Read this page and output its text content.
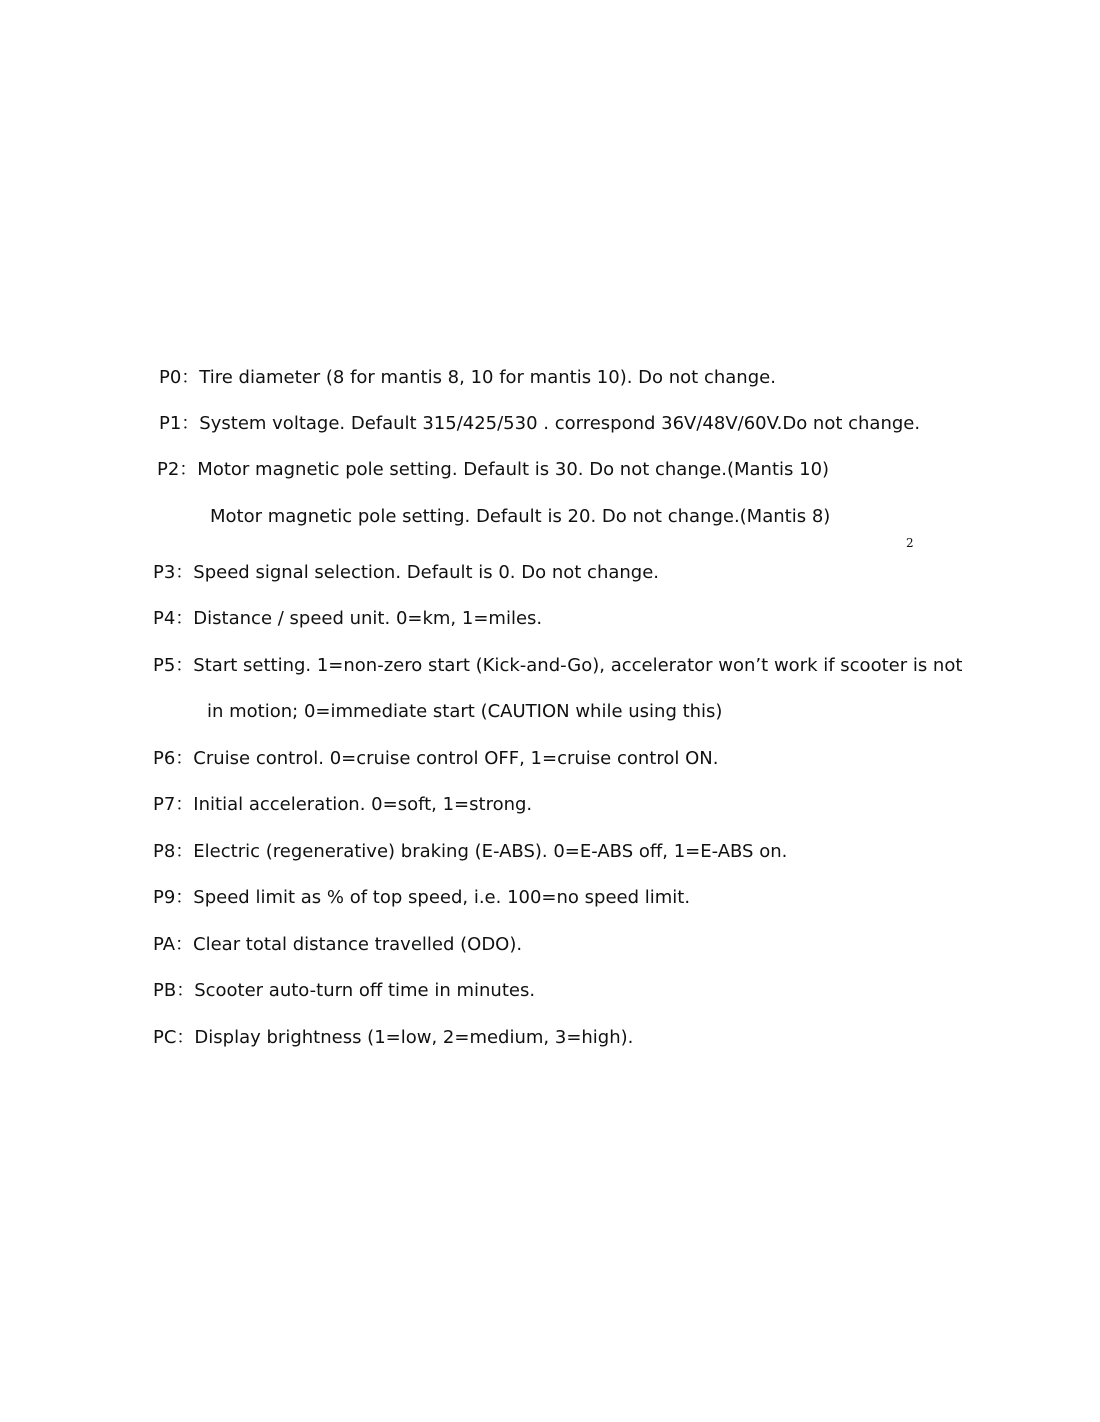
P0：Tire diameter (8 for mantis 8, 10 for mantis 10). Do not change.
P1：System voltage. Default 315/425/530 . correspond 36V/48V/60V.Do not change.
P2：Motor magnetic pole setting. Default is 30. Do not change.(Mantis 10)
Motor magnetic pole setting. Default is 20. Do not change.(Mantis 8)
2
P3：Speed signal selection. Default is 0. Do not change.
P4：Distance / speed unit. 0=km, 1=miles.
P5：Start setting. 1=non-zero start (Kick-and-Go), accelerator won’t work if scooter is not
in motion; 0=immediate start (CAUTION while using this)
P6：Cruise control. 0=cruise control OFF, 1=cruise control ON.
P7：Initial acceleration. 0=soft, 1=strong.
P8：Electric (regenerative) braking (E-ABS). 0=E-ABS off, 1=E-ABS on.
P9：Speed limit as % of top speed, i.e. 100=no speed limit.
PA：Clear total distance travelled (ODO).
PB：Scooter auto-turn off time in minutes.
PC：Display brightness (1=low, 2=medium, 3=high).
